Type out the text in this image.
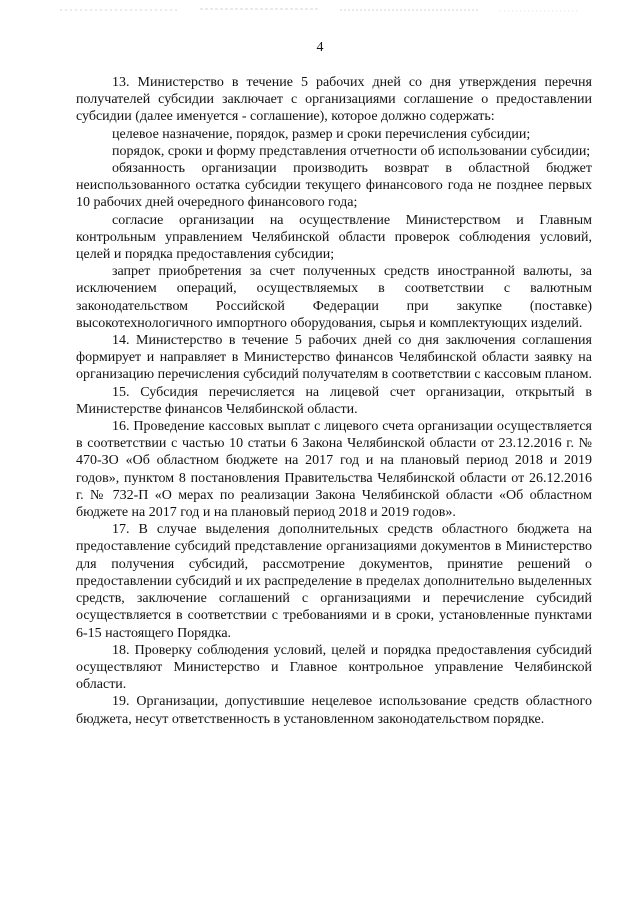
4

13. Министерство в течение 5 рабочих дней со дня утверждения перечня получателей субсидии заключает с организациями соглашение о предоставлении субсидии (далее именуется - соглашение), которое должно содержать:

целевое назначение, порядок, размер и сроки перечисления субсидии;

порядок, сроки и форму представления отчетности об использовании субсидии;

обязанность организации производить возврат в областной бюджет неиспользованного остатка субсидии текущего финансового года не позднее первых 10 рабочих дней очередного финансового года;

согласие организации на осуществление Министерством и Главным контрольным управлением Челябинской области проверок соблюдения условий, целей и порядка предоставления субсидии;

запрет приобретения за счет полученных средств иностранной валюты, за исключением операций, осуществляемых в соответствии с валютным законодательством Российской Федерации при закупке (поставке) высокотехнологичного импортного оборудования, сырья и комплектующих изделий.

14. Министерство в течение 5 рабочих дней со дня заключения соглашения формирует и направляет в Министерство финансов Челябинской области заявку на организацию перечисления субсидий получателям в соответствии с кассовым планом.

15. Субсидия перечисляется на лицевой счет организации, открытый в Министерстве финансов Челябинской области.

16. Проведение кассовых выплат с лицевого счета организации осуществляется в соответствии с частью 10 статьи 6 Закона Челябинской области от 23.12.2016 г. № 470-ЗО «Об областном бюджете на 2017 год и на плановый период 2018 и 2019 годов», пунктом 8 постановления Правительства Челябинской области от 26.12.2016 г. № 732-П «О мерах по реализации Закона Челябинской области «Об областном бюджете на 2017 год и на плановый период 2018 и 2019 годов».

17. В случае выделения дополнительных средств областного бюджета на предоставление субсидий представление организациями документов в Министерство для получения субсидий, рассмотрение документов, принятие решений о предоставлении субсидий и их распределение в пределах дополнительно выделенных средств, заключение соглашений с организациями и перечисление субсидий осуществляется в соответствии с требованиями и в сроки, установленные пунктами 6-15 настоящего Порядка.

18. Проверку соблюдения условий, целей и порядка предоставления субсидий осуществляют Министерство и Главное контрольное управление Челябинской области.

19. Организации, допустившие нецелевое использование средств областного бюджета, несут ответственность в установленном законодательством порядке.
